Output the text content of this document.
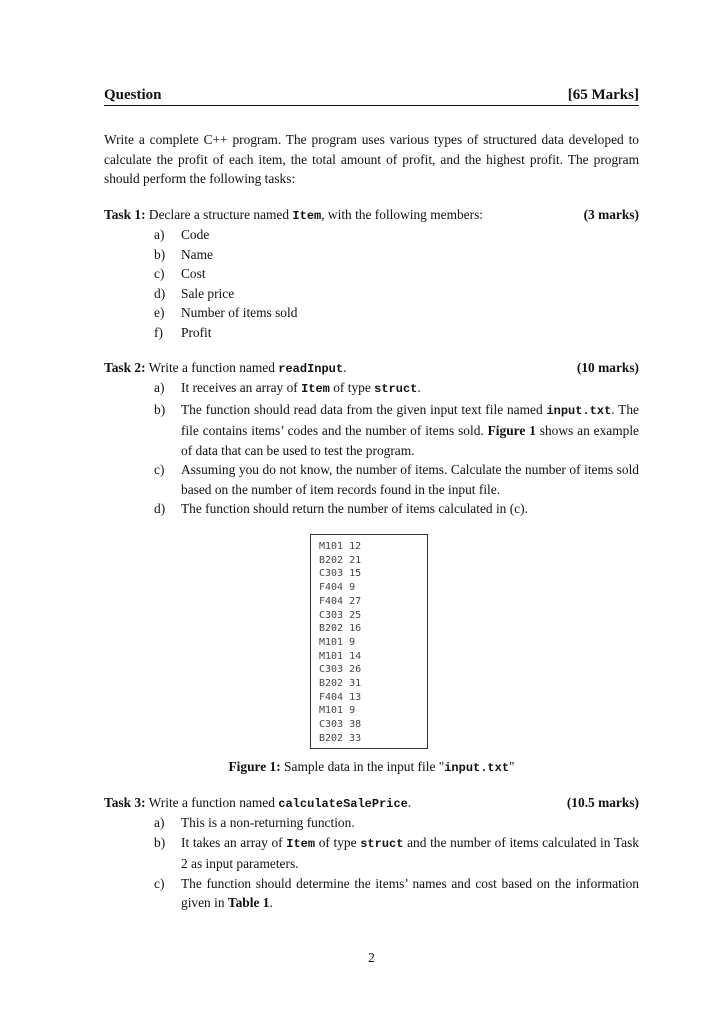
Question	[65 Marks]
Write a complete C++ program. The program uses various types of structured data developed to calculate the profit of each item, the total amount of profit, and the highest profit. The program should perform the following tasks:
Task 1: Declare a structure named Item, with the following members:	(3 marks)
a) Code
b) Name
c) Cost
d) Sale price
e) Number of items sold
f) Profit
Task 2: Write a function named readInput.	(10 marks)
a) It receives an array of Item of type struct.
b) The function should read data from the given input text file named input.txt. The file contains items’ codes and the number of items sold. Figure 1 shows an example of data that can be used to test the program.
c) Assuming you do not know, the number of items. Calculate the number of items sold based on the number of item records found in the input file.
d) The function should return the number of items calculated in (c).
M101 12
B202 21
C303 15
F404 9
F404 27
C303 25
B202 16
M101 9
M101 14
C303 26
B202 31
F404 13
M101 9
C303 38
B202 33
Figure 1: Sample data in the input file "input.txt"
Task 3: Write a function named calculateSalePrice.	(10.5 marks)
a) This is a non-returning function.
b) It takes an array of Item of type struct and the number of items calculated in Task 2 as input parameters.
c) The function should determine the items’ names and cost based on the information given in Table 1.
2
